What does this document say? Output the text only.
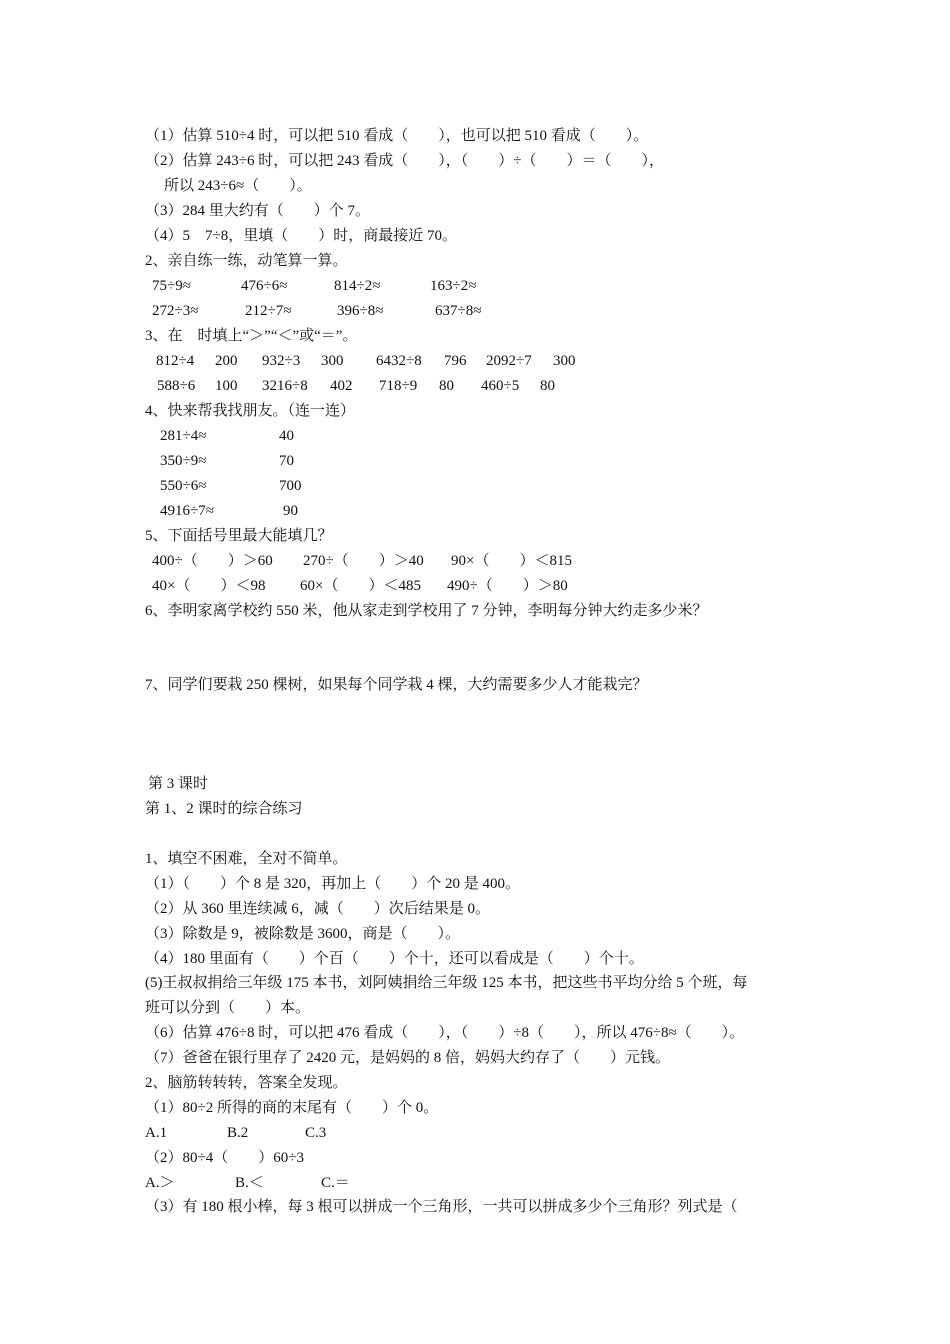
（1）估算 510÷4 时，可以把 510 看成（　　），也可以把 510 看成（　　）。
（2）估算 243÷6 时，可以把 243 看成（　　），（　　）÷（　　）＝（　　），
所以 243÷6≈（　　）。
（3）284 里大约有（　　）个 7。
（4）5　7÷8，里填（　　）时，商最接近 70。
2、亲自练一练，动笔算一算。
75÷9≈	476÷6≈	814÷2≈	163÷2≈
272÷3≈	212÷7≈	396÷8≈	637÷8≈
3、在　时填上“＞”“＜”或“＝”。
812÷4 200 932÷3 300 6432÷8 796 2092÷7 300
588÷6 100 3216÷8 402 718÷9 80 460÷5 80
4、快来帮我找朋友。（连一连）
281÷4≈
350÷9≈
550÷6≈
4916÷7≈
40
70
700
90
5、下面括号里最大能填几？
400÷（　　）＞60 270÷（　　）＞40 90×（　　）＜815
40×（　　）＜98 60×（　　）＜485 490÷（　　）＞80
6、李明家离学校约 550 米，他从家走到学校用了 7 分钟，李明每分钟大约走多少米？
7、同学们要栽 250 棵树，如果每个同学栽 4 棵，大约需要多少人才能栽完？
第 3 课时
第 1、2 课时的综合练习
1、填空不困难，全对不简单。
（1）（　　）个 8 是 320，再加上（　　）个 20 是 400。
（2）从 360 里连续减 6，减（　　）次后结果是 0。
（3）除数是 9，被除数是 3600，商是（　　）。
（4）180 里面有（　　）个百（　　）个十，还可以看成是（　　）个十。
(5)王叔叔捐给三年级 175 本书，刘阿姨捐给三年级 125 本书，把这些书平均分给 5 个班，每
班可以分到（　　）本。
（6）估算 476÷8 时，可以把 476 看成（　　），（　　）÷8（　　），所以 476÷8≈（　　）。
（7）爸爸在银行里存了 2420 元，是妈妈的 8 倍，妈妈大约存了（　　）元钱。
2、脑筋转转转，答案全发现。
（1）80÷2 所得的商的末尾有（　　）个 0。
A.1	B.2	C.3
（2）80÷4（　　）60÷3
A.＞	B.＜	C.＝
（3）有 180 根小棒，每 3 根可以拼成一个三角形，一共可以拼成多少个三角形？列式是（
